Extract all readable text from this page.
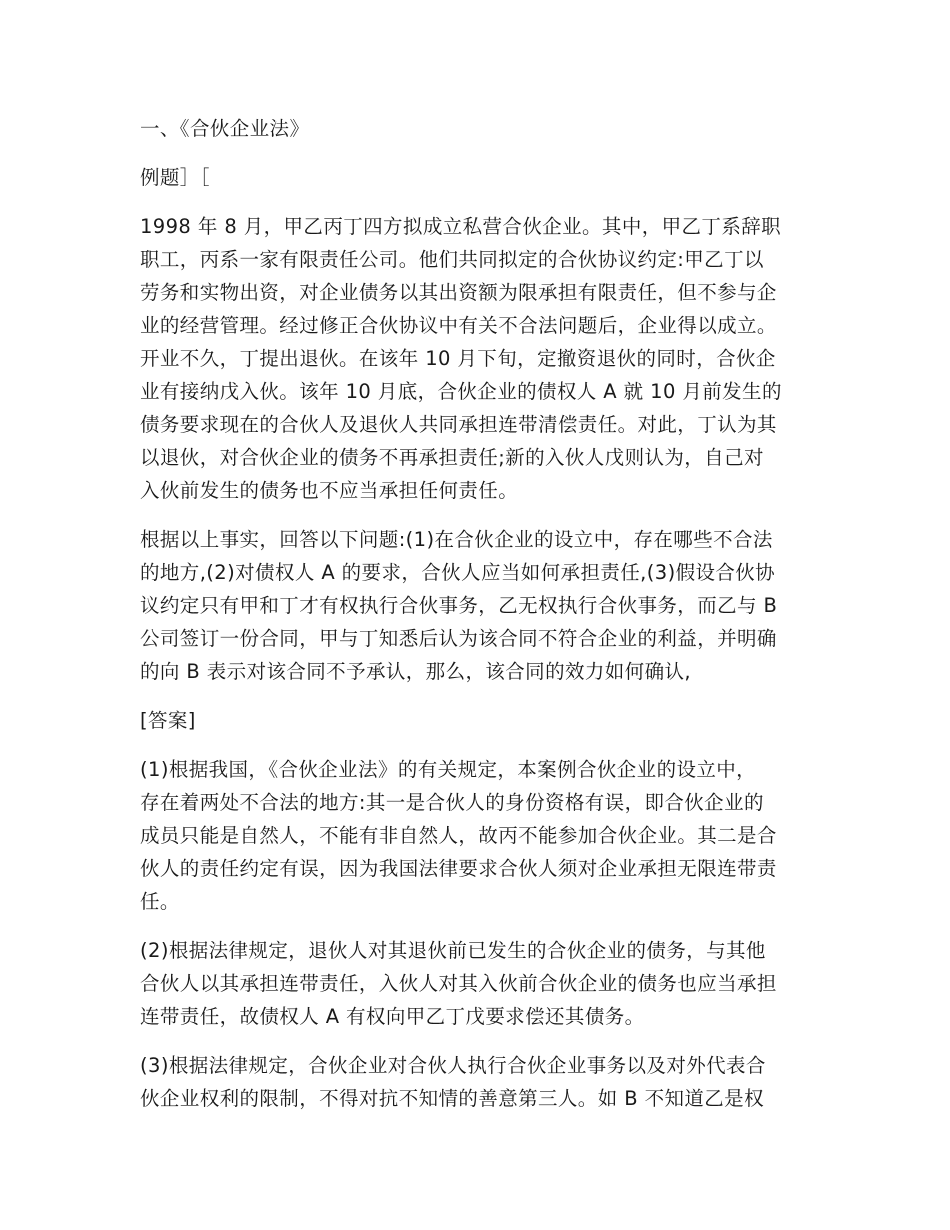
一、《合伙企业法》
例题］［
1998 年 8 月，甲乙丙丁四方拟成立私营合伙企业。其中，甲乙丁系辞职
职工，丙系一家有限责任公司。他们共同拟定的合伙协议约定:甲乙丁以
劳务和实物出资，对企业债务以其出资额为限承担有限责任，但不参与企
业的经营管理。经过修正合伙协议中有关不合法问题后，企业得以成立。
开业不久，丁提出退伙。在该年 10 月下旬，定撤资退伙的同时，合伙企
业有接纳戊入伙。该年 10 月底，合伙企业的债权人 A 就 10 月前发生的
债务要求现在的合伙人及退伙人共同承担连带清偿责任。对此，丁认为其
以退伙，对合伙企业的债务不再承担责任;新的入伙人戊则认为，自己对
入伙前发生的债务也不应当承担任何责任。
根据以上事实，回答以下问题:(1)在合伙企业的设立中，存在哪些不合法
的地方,(2)对债权人 A 的要求，合伙人应当如何承担责任,(3)假设合伙协
议约定只有甲和丁才有权执行合伙事务，乙无权执行合伙事务，而乙与 B
公司签订一份合同，甲与丁知悉后认为该合同不符合企业的利益，并明确
的向 B 表示对该合同不予承认，那么，该合同的效力如何确认,
[答案]
(1)根据我国，《合伙企业法》的有关规定，本案例合伙企业的设立中，
存在着两处不合法的地方:其一是合伙人的身份资格有误，即合伙企业的
成员只能是自然人，不能有非自然人，故丙不能参加合伙企业。其二是合
伙人的责任约定有误，因为我国法律要求合伙人须对企业承担无限连带责
任。
(2)根据法律规定，退伙人对其退伙前已发生的合伙企业的债务，与其他
合伙人以其承担连带责任，入伙人对其入伙前合伙企业的债务也应当承担
连带责任，故债权人 A 有权向甲乙丁戊要求偿还其债务。
(3)根据法律规定，合伙企业对合伙人执行合伙企业事务以及对外代表合
伙企业权利的限制，不得对抗不知情的善意第三人。如 B 不知道乙是权
